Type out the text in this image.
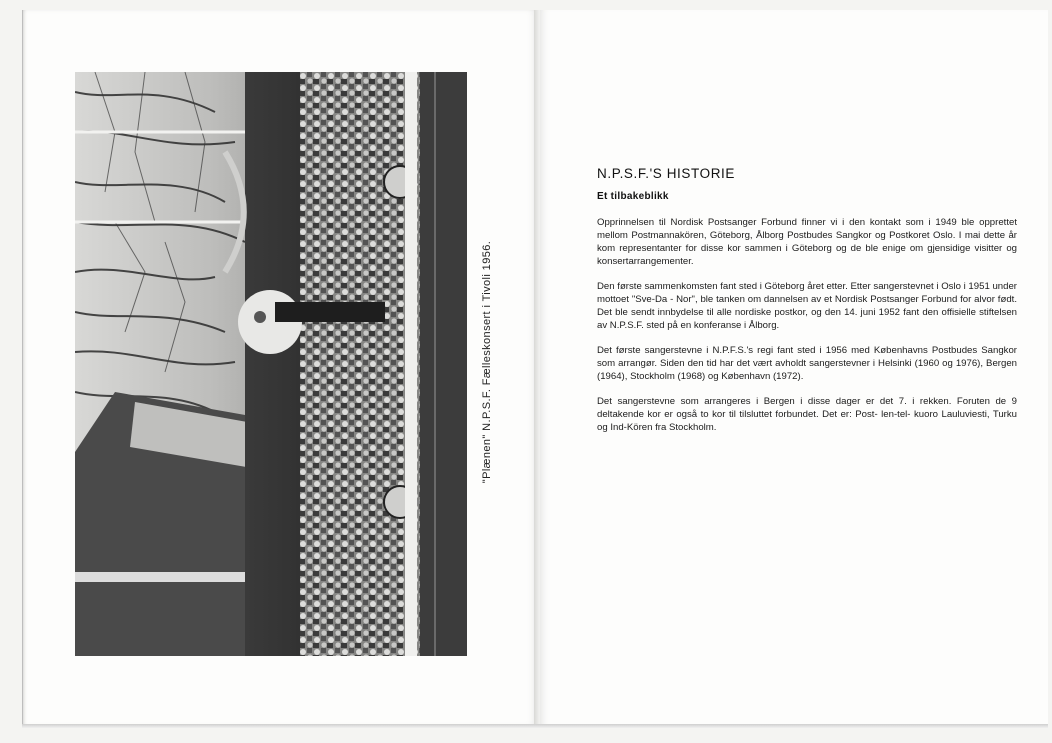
"Plænen" N.P.S.F. Fælleskonsert i Tivoli 1956.
N.P.S.F.'S HISTORIE
Et tilbakeblikk

Opprinnelsen til Nordisk Postsanger Forbund finner vi i den kontakt som i 1949 ble opprettet mellom Postmannakören, Göteborg, Ålborg Postbudes Sangkor og Postkoret Oslo. I mai dette år kom representanter for disse kor sammen i Göteborg og de ble enige om gjensidige visitter og konsertarrangementer.

Den første sammenkomsten fant sted i Göteborg året etter. Etter sangerstevnet i Oslo i 1951 under mottoet "Sve-Da - Nor", ble tanken om dannelsen av et Nordisk Postsanger Forbund for alvor født. Det ble sendt innbydelse til alle nordiske postkor, og den 14. juni 1952 fant den offisielle stiftelsen av N.P.S.F. sted på en konferanse i Ålborg.

Det første sangerstevne i N.P.F.S.'s regi fant sted i 1956 med Københavns Postbudes Sangkor som arrangør. Siden den tid har det vært avholdt sangerstevner i Helsinki (1960 og 1976), Bergen (1964), Stockholm (1968) og København (1972).

Det sangerstevne som arrangeres i Bergen i disse dager er det 7. i rekken. Foruten de 9 deltakende kor er også to kor til tilsluttet forbundet. Det er: Post- len-tel- kuoro Lauluviesti, Turku og Ind-Kören fra Stockholm.
